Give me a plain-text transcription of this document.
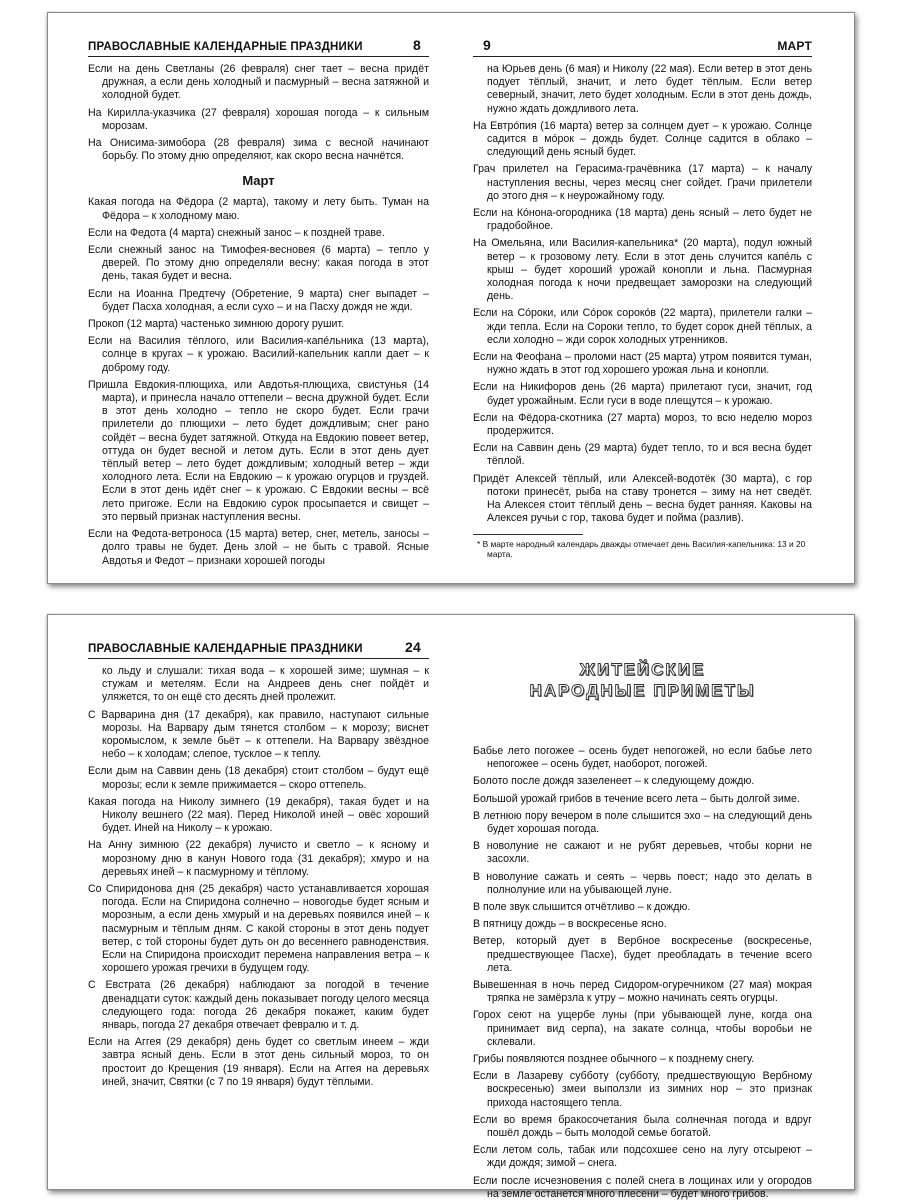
ПРАВОСЛАВНЫЕ КАЛЕНДАРНЫЕ ПРАЗДНИКИ	8

Если на день Светланы (26 февраля) снег тает – весна придёт дружная, а если день холодный и пасмурный – весна затяжной и холодной будет.

На Кирилла-указчика (27 февраля) хорошая погода – к сильным морозам.

На Онисима-зимобора (28 февраля) зима с весной начинают борьбу. По этому дню определяют, как скоро весна начнётся.

Март

Какая погода на Фёдора (2 марта), такому и лету быть. Туман на Фёдора – к холодному маю.

Если на Федота (4 марта) снежный занос – к поздней траве.

Если снежный занос на Тимофея-весновея (6 марта) – тепло у дверей. По этому дню определяли весну: какая погода в этот день, такая будет и весна.

Если на Иоанна Предтечу (Обретение, 9 марта) снег выпадет – будет Пасха холодная, а если сухо – и на Пасху дождя не жди.

Прокоп (12 марта) частенько зимнюю дорогу рушит.

Если на Василия тёплого, или Василия-капéльника (13 марта), солнце в кругах – к урожаю. Василий-капельник капли дает – к доброму году.

Пришла Евдокия-плющиха, или Авдотья-плющиха, свистунья (14 марта), и принесла начало оттепели – весна дружной будет. Если в этот день холодно – тепло не скоро будет. Если грачи прилетели до плющихи – лето будет дождливым; снег рано сойдёт – весна будет затяжной. Откуда на Евдокию повеет ветер, оттуда он будет весной и летом дуть. Если в этот день дует тёплый ветер – лето будет дождливым; холодный ветер – жди холодного лета. Если на Евдокию – к урожаю огурцов и груздей. Если в этот день идёт снег – к урожаю. С Евдокии весны – всё лето пригоже. Если на Евдокию сурок просыпается и свищет – это первый признак наступления весны.

Если на Федота-ветроноса (15 марта) ветер, снег, метель, заносы – долго травы не будет. День злой – не быть с травой. Ясные Авдотья и Федот – признаки хорошей погоды

9	МАРТ

на Юрьев день (6 мая) и Николу (22 мая). Если ветер в этот день подует тёплый, значит, и лето будет тёплым. Если ветер северный, значит, лето будет холодным. Если в этот день дождь, нужно ждать дождливого лета.

На Евтрóпия (16 марта) ветер за солнцем дует – к урожаю. Солнце садится в мóрок – дождь будет. Солнце садится в облако – следующий день ясный будет.

Грач прилетел на Герасима-грачёвника (17 марта) – к началу наступления весны, через месяц снег сойдет. Грачи прилетели до этого дня – к неурожайному году.

Если на Кóнона-огородника (18 марта) день ясный – лето будет не градобойное.

На Омельяна, или Василия-капельника* (20 марта), подул южный ветер – к грозовому лету. Если в этот день случится капéль с крыш – будет хороший урожай конопли и льна. Пасмурная холодная погода к ночи предвещает заморозки на следующий день.

Если на Сóроки, или Сóрок сорокóв (22 марта), прилетели галки – жди тепла. Если на Сороки тепло, то будет сорок дней тёплых, а если холодно – жди сорок холодных утренников.

Если на Феофана – проломи наст (25 марта) утром появится туман, нужно ждать в этот год хорошего урожая льна и конопли.

Если на Никифоров день (26 марта) прилетают гуси, значит, год будет урожайным. Если гуси в воде плещутся – к урожаю.

Если на Фёдора-скотника (27 марта) мороз, то всю неделю мороз продержится.

Если на Саввин день (29 марта) будет тепло, то и вся весна будет тёплой.

Придёт Алексей тёплый, или Алексей-водотёк (30 марта), с гор потоки принесёт, рыба на ставу тронется – зиму на нет сведёт. На Алексея стоит тёплый день – весна будет ранняя. Каковы на Алексея ручьи с гор, такова будет и пойма (разлив).

* В марте народный календарь дважды отмечает день Василия-капельника: 13 и 20 марта.
ПРАВОСЛАВНЫЕ КАЛЕНДАРНЫЕ ПРАЗДНИКИ	24

ко льду и слушали: тихая вода – к хорошей зиме; шумная – к стужам и метелям. Если на Андреев день снег пойдёт и уляжется, то он ещё сто десять дней пролежит.

С Варварина дня (17 декабря), как правило, наступают сильные морозы. На Варвару дым тянется столбом – к морозу; виснет коромыслом, к земле бьёт – к оттепели. На Варвару звёздное небо – к холодам; слепое, тусклое – к теплу.

Если дым на Саввин день (18 декабря) стоит столбом – будут ещё морозы; если к земле прижимается – скоро оттепель.

Какая погода на Николу зимнего (19 декабря), такая будет и на Николу вешнего (22 мая). Перед Николой иней – овёс хороший будет. Иней на Николу – к урожаю.

На Анну зимнюю (22 декабря) лучисто и светло – к ясному и морозному дню в канун Нового года (31 декабря); хмуро и на деревьях иней – к пасмурному и тёплому.

Со Спиридонова дня (25 декабря) часто устанавливается хорошая погода. Если на Спиридона солнечно – новогодье будет ясным и морозным, а если день хмурый и на деревьях появился иней – к пасмурным и тёплым дням. С какой стороны в этот день подует ветер, с той стороны будет дуть он до весеннего равноденствия. Если на Спиридона происходит перемена направления ветра – к хорошего урожая гречихи в будущем году.

С Евстрата (26 декабря) наблюдают за погодой в течение двенадцати суток: каждый день показывает погоду целого месяца следующего года: погода 26 декабря покажет, каким будет январь, погода 27 декабря отвечает февралю и т. д.

Если на Аггея (29 декабря) день будет со светлым инеем – жди завтра ясный день. Если в этот день сильный мороз, то он простоит до Крещения (19 января). Если на Аггея на деревьях иней, значит, Святки (с 7 по 19 января) будут тёплыми.

ЖИТЕЙСКИЕ
НАРОДНЫЕ ПРИМЕТЫ

Бабье лето погожее – осень будет непогожей, но если бабье лето непогожее – осень будет, наоборот, погожей.

Болото после дождя зазеленеет – к следующему дождю.

Большой урожай грибов в течение всего лета – быть долгой зиме.

В летнюю пору вечером в поле слышится эхо – на следующий день будет хорошая погода.

В новолуние не сажают и не рубят деревьев, чтобы корни не засохли.

В новолуние сажать и сеять – червь поест; надо это делать в полнолуние или на убывающей луне.

В поле звук слышится отчётливо – к дождю.

В пятницу дождь – в воскресенье ясно.

Ветер, который дует в Вербное воскресенье (воскресенье, предшествующее Пасхе), будет преобладать в течение всего лета.

Вывешенная в ночь перед Сидором-огуречником (27 мая) мокрая тряпка не замёрзла к утру – можно начинать сеять огурцы.

Горох сеют на ущербе луны (при убывающей луне, когда она принимает вид серпа), на закате солнца, чтобы воробьи не склевали.

Грибы появляются позднее обычного – к позднему снегу.

Если в Лазареву субботу (субботу, предшествующую Вербному воскресенью) змеи выползли из зимних нор – это признак прихода настоящего тепла.

Если во время бракосочетания была солнечная погода и вдруг пошёл дождь – быть молодой семье богатой.

Если летом соль, табак или подсохшее сено на лугу отсыреют – жди дождя; зимой – снега.

Если после исчезновения с полей снега в лощинах или у огородов на земле останется много плесени – будет много грибов.
